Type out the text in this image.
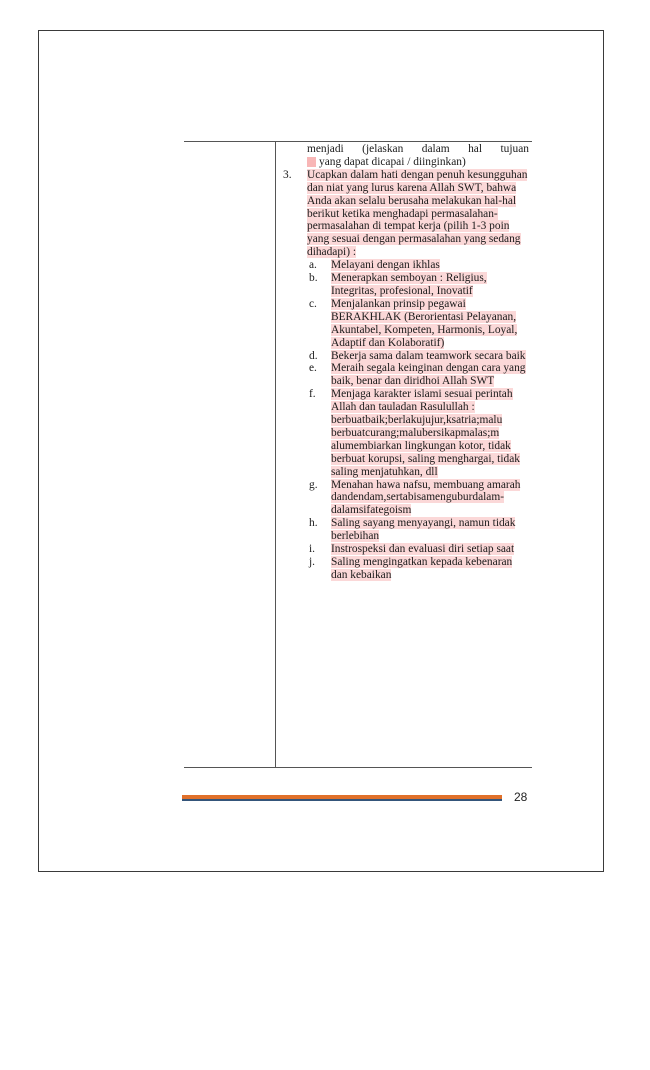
menjadi (jelaskan dalam hal tujuan

yang dapat dicapai / diinginkan)

3.	Ucapkan dalam hati dengan penuh kesungguhan dan niat yang lurus karena Allah SWT, bahwa Anda akan selalu berusaha melakukan hal-hal berikut ketika menghadapi permasalahan-permasalahan di tempat kerja (pilih 1-3 poin yang sesuai dengan permasalahan yang sedang dihadapi) :

a.	Melayani dengan ikhlas
b.	Menerapkan semboyan : Religius, Integritas, profesional, Inovatif
c.	Menjalankan prinsip pegawai BERAKHLAK (Berorientasi Pelayanan, Akuntabel, Kompeten, Harmonis, Loyal, Adaptif dan Kolaboratif)
d.	Bekerja sama dalam teamwork secara baik
e.	Meraih segala keinginan dengan cara yang baik, benar dan diridhoi Allah SWT
f.	Menjaga karakter islami sesuai perintah Allah dan tauladan Rasulullah : berbuatbaik;berlakujujur,ksatria;malu berbuatcurang;malubersikapmalas;m alumembiarkan lingkungan kotor, tidak berbuat korupsi, saling menghargai, tidak saling menjatuhkan, dll
g.	Menahan hawa nafsu, membuang amarah dandendam,sertabisamenguburdalam-dalamsifategoism
h.	Saling sayang menyayangi, namun tidak berlebihan
i.	Instrospeksi dan evaluasi diri setiap saat
j.	Saling mengingatkan kepada kebenaran dan kebaikan
28
